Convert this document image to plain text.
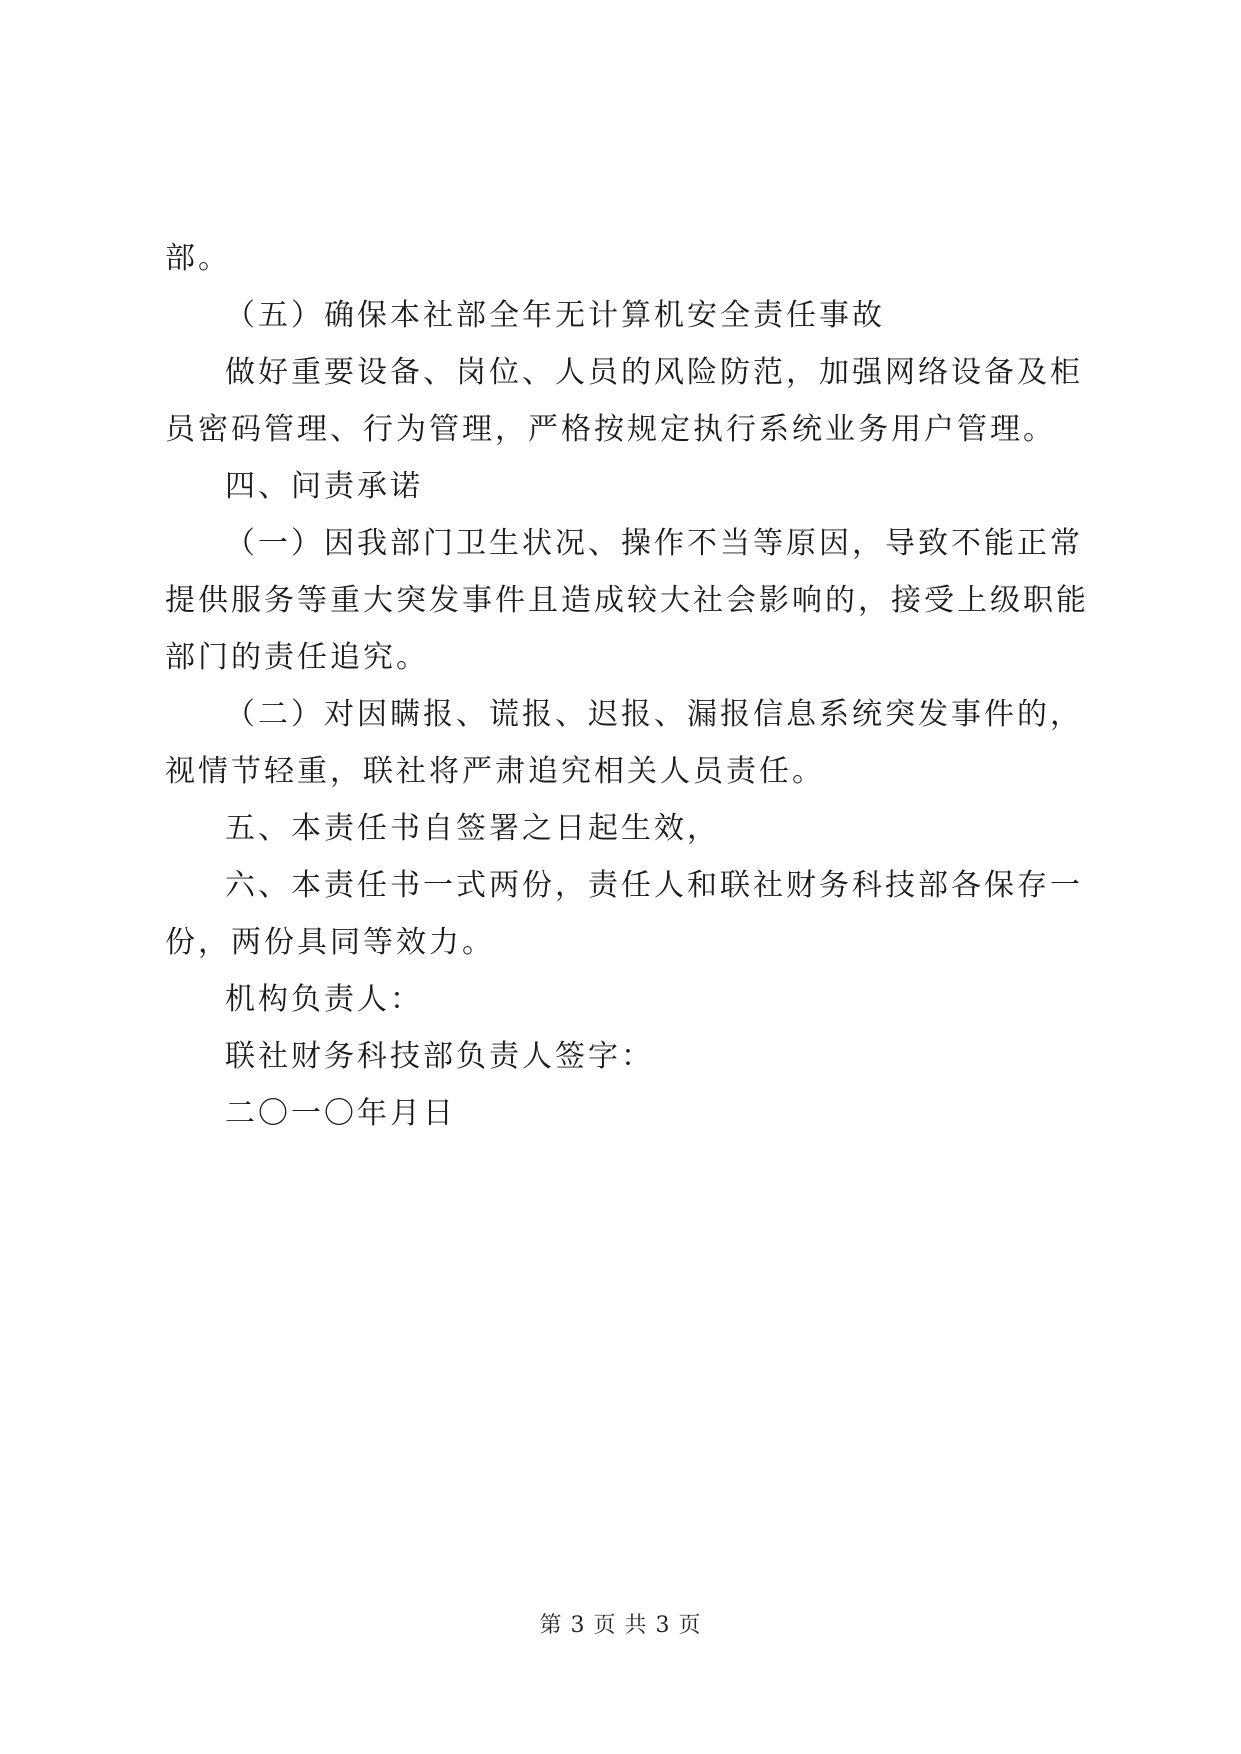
部。

（五）确保本社部全年无计算机安全责任事故

做好重要设备、岗位、人员的风险防范，加强网络设备及柜员密码管理、行为管理，严格按规定执行系统业务用户管理。

四、问责承诺

（一）因我部门卫生状况、操作不当等原因，导致不能正常提供服务等重大突发事件且造成较大社会影响的，接受上级职能部门的责任追究。

（二）对因瞒报、谎报、迟报、漏报信息系统突发事件的，视情节轻重，联社将严肃追究相关人员责任。

五、本责任书自签署之日起生效，

六、本责任书一式两份，责任人和联社财务科技部各保存一份，两份具同等效力。

机构负责人：

联社财务科技部负责人签字：

二〇一〇年月日

第 3 页 共 3 页
